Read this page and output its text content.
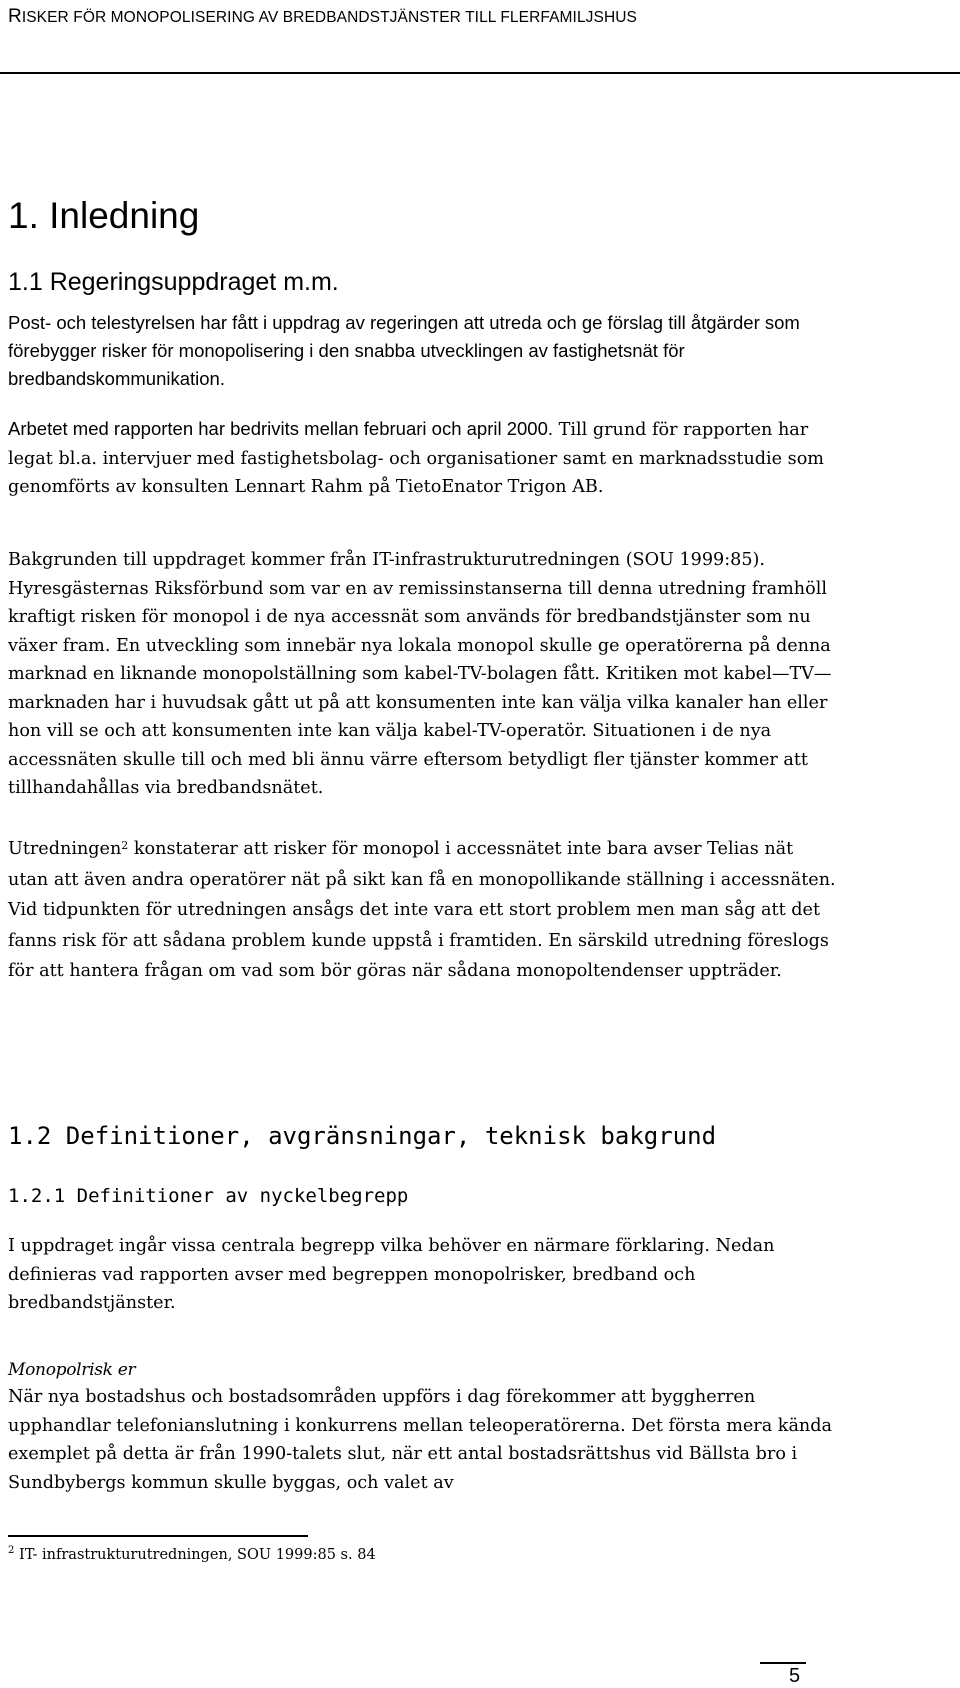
RISKER FÖR MONOPOLISERING AV BREDBANDSTJÄNSTER TILL FLERFAMILJSHUS
1. Inledning
1.1 Regeringsuppdraget m.m.

Post- och telestyrelsen har fått i uppdrag av regeringen att utreda och ge förslag till åtgärder som förebygger risker för monopolisering i den snabba utvecklingen av fastighetsnät för bredbandskommunikation.

Arbetet med rapporten har bedrivits mellan februari och april 2000. Till grund för rapporten har legat bl.a. intervjuer med fastighetsbolag- och organisationer samt en marknadsstudie som genomförts av konsulten Lennart Rahm på TietoEnator Trigon AB.

Bakgrunden till uppdraget kommer från IT-infrastrukturutredningen (SOU 1999:85). Hyresgästernas Riksförbund som var en av remissinstanserna till denna utredning framhöll kraftigt risken för monopol i de nya accessnät som används för bredbandstjänster som nu växer fram. En utveckling som innebär nya lokala monopol skulle ge operatörerna på denna marknad en liknande monopolställning som kabel-TV-bolagen fått. Kritiken mot kabel—TV—marknaden har i huvudsak gått ut på att konsumenten inte kan välja vilka kanaler han eller hon vill se och att konsumenten inte kan välja kabel-TV-operatör. Situationen i de nya accessnäten skulle till och med bli ännu värre eftersom betydligt fler tjänster kommer att tillhandahållas via bredbandsnätet.

Utredningen$^2$ konstaterar att risker för monopol i accessnätet inte bara avser Telias nät utan att även andra operatörer nät på sikt kan få en monopollikande ställning i accessnäten. Vid tidpunkten för utredningen ansågs det inte vara ett stort problem men man såg att det fanns risk för att sådana problem kunde uppstå i framtiden. En särskild utredning föreslogs för att hantera frågan om vad som bör göras när sådana monopoltendenser uppträder.

1.2 Definitioner, avgränsningar, teknisk bakgrund
1.2.1 Definitioner av nyckelbegrepp

I uppdraget ingår vissa centrala begrepp vilka behöver en närmare förklaring. Nedan definieras vad rapporten avser med begreppen monopolrisker, bredband och bredbandstjänster.

Monopolrisk er

När nya bostadshus och bostadsområden uppförs i dag förekommer att byggherren upphandlar telefonianslutning i konkurrens mellan teleoperatörerna. Det första mera kända exemplet på detta är från 1990-talets slut, när ett antal bostadsrättshus vid Bällsta bro i Sundbybergs kommun skulle byggas, och valet av

$^2$ IT- infrastrukturutredningen, SOU 1999:85 s. 84

5
